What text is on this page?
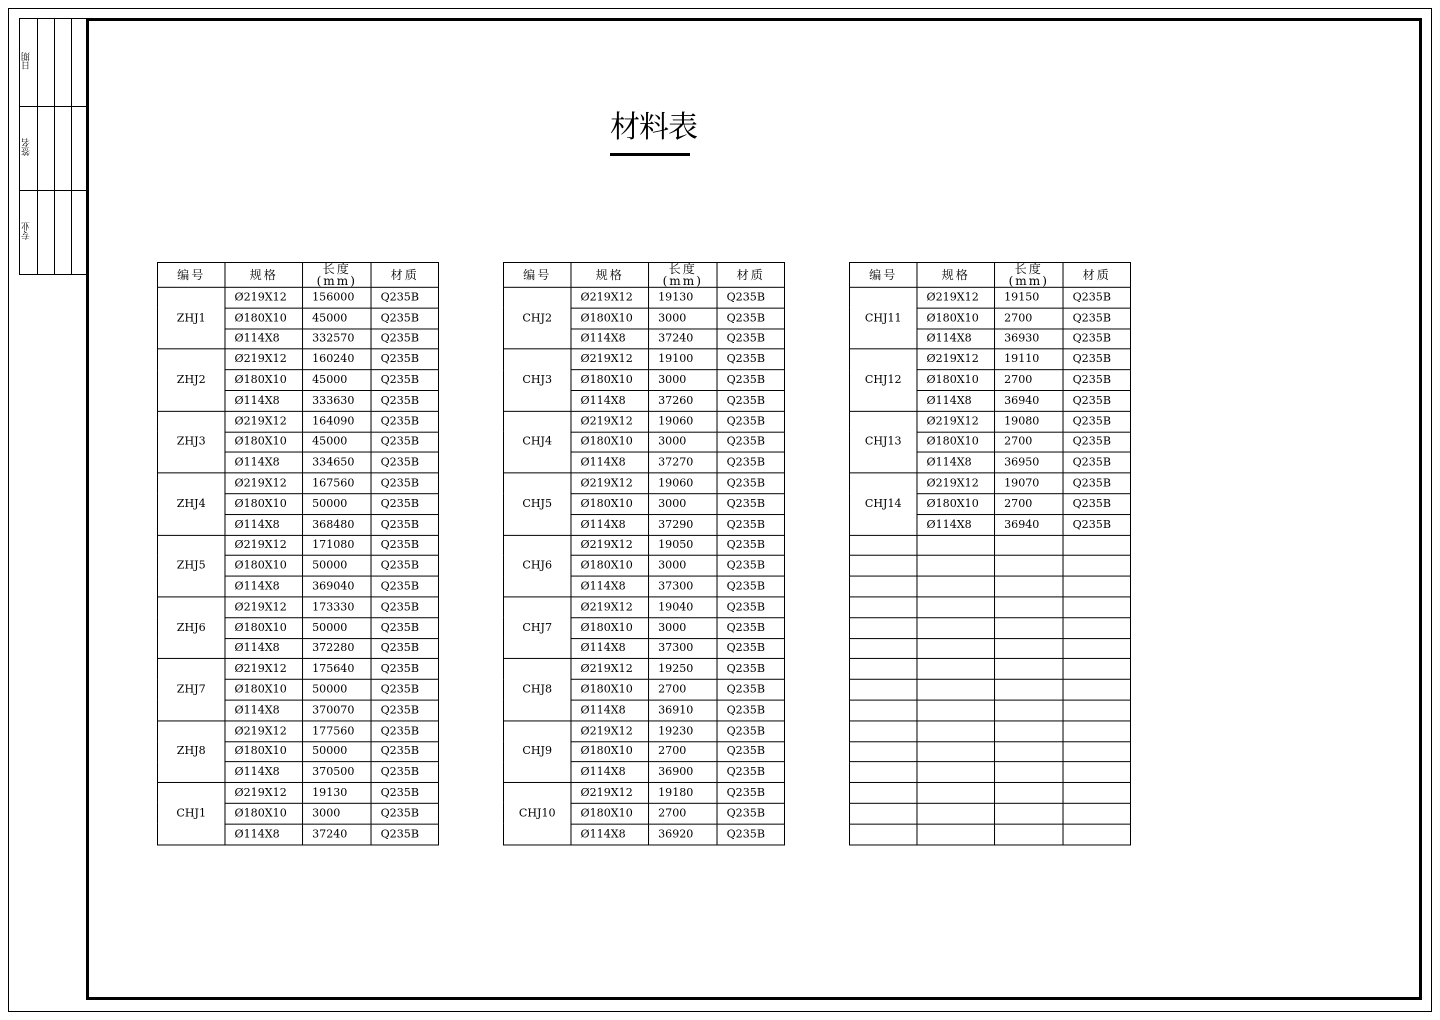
日期
签名
专业
材料表
编号	规格	长度(mm)	材质
ZHJ1	Ø219X12	156000	Q235B
	Ø180X10	45000	Q235B
	Ø114X8	332570	Q235B
ZHJ2	Ø219X12	160240	Q235B
	Ø180X10	45000	Q235B
	Ø114X8	333630	Q235B
ZHJ3	Ø219X12	164090	Q235B
	Ø180X10	45000	Q235B
	Ø114X8	334650	Q235B
ZHJ4	Ø219X12	167560	Q235B
	Ø180X10	50000	Q235B
	Ø114X8	368480	Q235B
ZHJ5	Ø219X12	171080	Q235B
	Ø180X10	50000	Q235B
	Ø114X8	369040	Q235B
ZHJ6	Ø219X12	173330	Q235B
	Ø180X10	50000	Q235B
	Ø114X8	372280	Q235B
ZHJ7	Ø219X12	175640	Q235B
	Ø180X10	50000	Q235B
	Ø114X8	370070	Q235B
ZHJ8	Ø219X12	177560	Q235B
	Ø180X10	50000	Q235B
	Ø114X8	370500	Q235B
CHJ1	Ø219X12	19130	Q235B
	Ø180X10	3000	Q235B
	Ø114X8	37240	Q235B
编号	规格	长度(mm)	材质
CHJ2	Ø219X12	19130	Q235B
	Ø180X10	3000	Q235B
	Ø114X8	37240	Q235B
CHJ3	Ø219X12	19100	Q235B
	Ø180X10	3000	Q235B
	Ø114X8	37260	Q235B
CHJ4	Ø219X12	19060	Q235B
	Ø180X10	3000	Q235B
	Ø114X8	37270	Q235B
CHJ5	Ø219X12	19060	Q235B
	Ø180X10	3000	Q235B
	Ø114X8	37290	Q235B
CHJ6	Ø219X12	19050	Q235B
	Ø180X10	3000	Q235B
	Ø114X8	37300	Q235B
CHJ7	Ø219X12	19040	Q235B
	Ø180X10	3000	Q235B
	Ø114X8	37300	Q235B
CHJ8	Ø219X12	19250	Q235B
	Ø180X10	2700	Q235B
	Ø114X8	36910	Q235B
CHJ9	Ø219X12	19230	Q235B
	Ø180X10	2700	Q235B
	Ø114X8	36900	Q235B
CHJ10	Ø219X12	19180	Q235B
	Ø180X10	2700	Q235B
	Ø114X8	36920	Q235B
编号	规格	长度(mm)	材质
CHJ11	Ø219X12	19150	Q235B
	Ø180X10	2700	Q235B
	Ø114X8	36930	Q235B
CHJ12	Ø219X12	19110	Q235B
	Ø180X10	2700	Q235B
	Ø114X8	36940	Q235B
CHJ13	Ø219X12	19080	Q235B
	Ø180X10	2700	Q235B
	Ø114X8	36950	Q235B
CHJ14	Ø219X12	19070	Q235B
	Ø180X10	2700	Q235B
	Ø114X8	36940	Q235B
